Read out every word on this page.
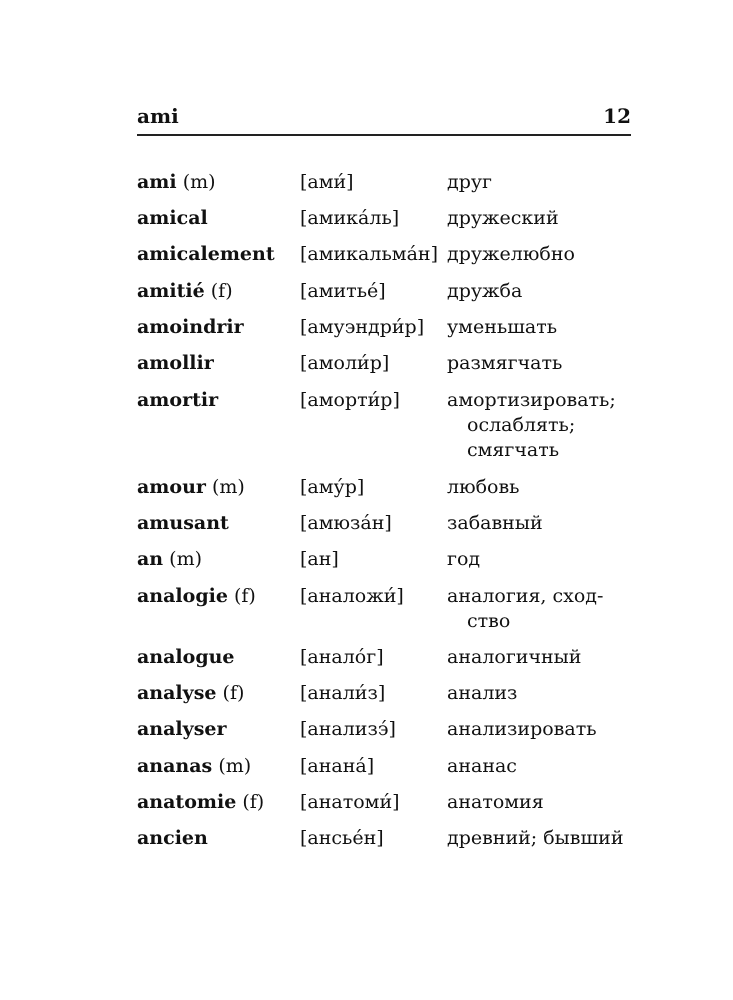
ami	12
ami (m)	[ами́]	друг
amical	[амика́ль]	дружеский
amicalement [амикальма́н] дружелюбно
amitié (f)	[амитье́]	дружба
amoindrir	[амуэндри́р] уменьшать
amollir	[амоли́р]	размягчать
amortir	[аморти́р] амортизировать;
ослаблять;
смягчать
amour (m)	[аму́р]	любовь
amusant	[амюза́н]	забавный
an (m)	[ан]	год
analogie (f) [аналожи́] аналогия, сход-
ство
analogue	[анало́г]	аналогичный
analyse (f)	[анали́з]	анализ
analyser	[анализэ́]	анализировать
ananas (m)	[анана́]	ананас
anatomie (f) [анатоми́] анатомия
ancien	[ансье́н]	древний; бывший
